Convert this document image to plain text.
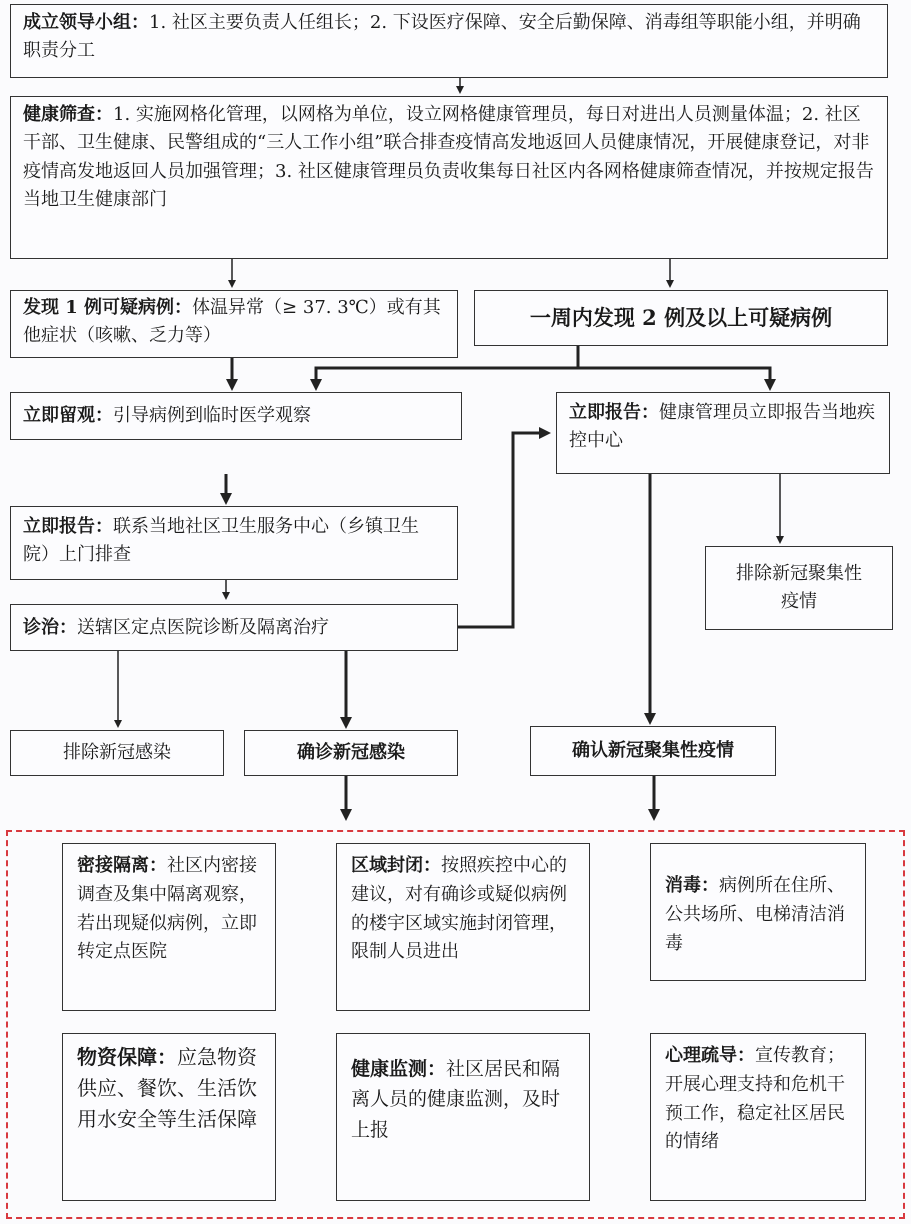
成立领导小组：1. 社区主要负责人任组长；2. 下设医疗保障、安全后勤保障、消毒组等职能小组，并明确职责分工
健康筛查：1. 实施网格化管理，以网格为单位，设立网格健康管理员，每日对进出人员测量体温；2. 社区干部、卫生健康、民警组成的“三人工作小组”联合排查疫情高发地返回人员健康情况，开展健康登记，对非疫情高发地返回人员加强管理；3. 社区健康管理员负责收集每日社区内各网格健康筛查情况，并按规定报告当地卫生健康部门
发现 1 例可疑病例：体温异常（≥ 37. 3℃）或有其他症状（咳嗽、乏力等）
一周内发现 2 例及以上可疑病例
立即留观：引导病例到临时医学观察	立即报告：健康管理员立即报告当地疾控中心
立即报告：联系当地社区卫生服务中心（乡镇卫生院）上门排查
排除新冠聚集性疫情
诊治：送辖区定点医院诊断及隔离治疗
排除新冠感染	确诊新冠感染	确认新冠聚集性疫情
密接隔离：社区内密接调查及集中隔离观察，若出现疑似病例，立即转定点医院
区域封闭：按照疾控中心的建议，对有确诊或疑似病例的楼宇区域实施封闭管理，限制人员进出
消毒：病例所在住所、公共场所、电梯清洁消毒
物资保障：应急物资供应、餐饮、生活饮用水安全等生活保障
健康监测：社区居民和隔离人员的健康监测，及时上报
心理疏导：宣传教育；开展心理支持和危机干预工作，稳定社区居民的情绪
